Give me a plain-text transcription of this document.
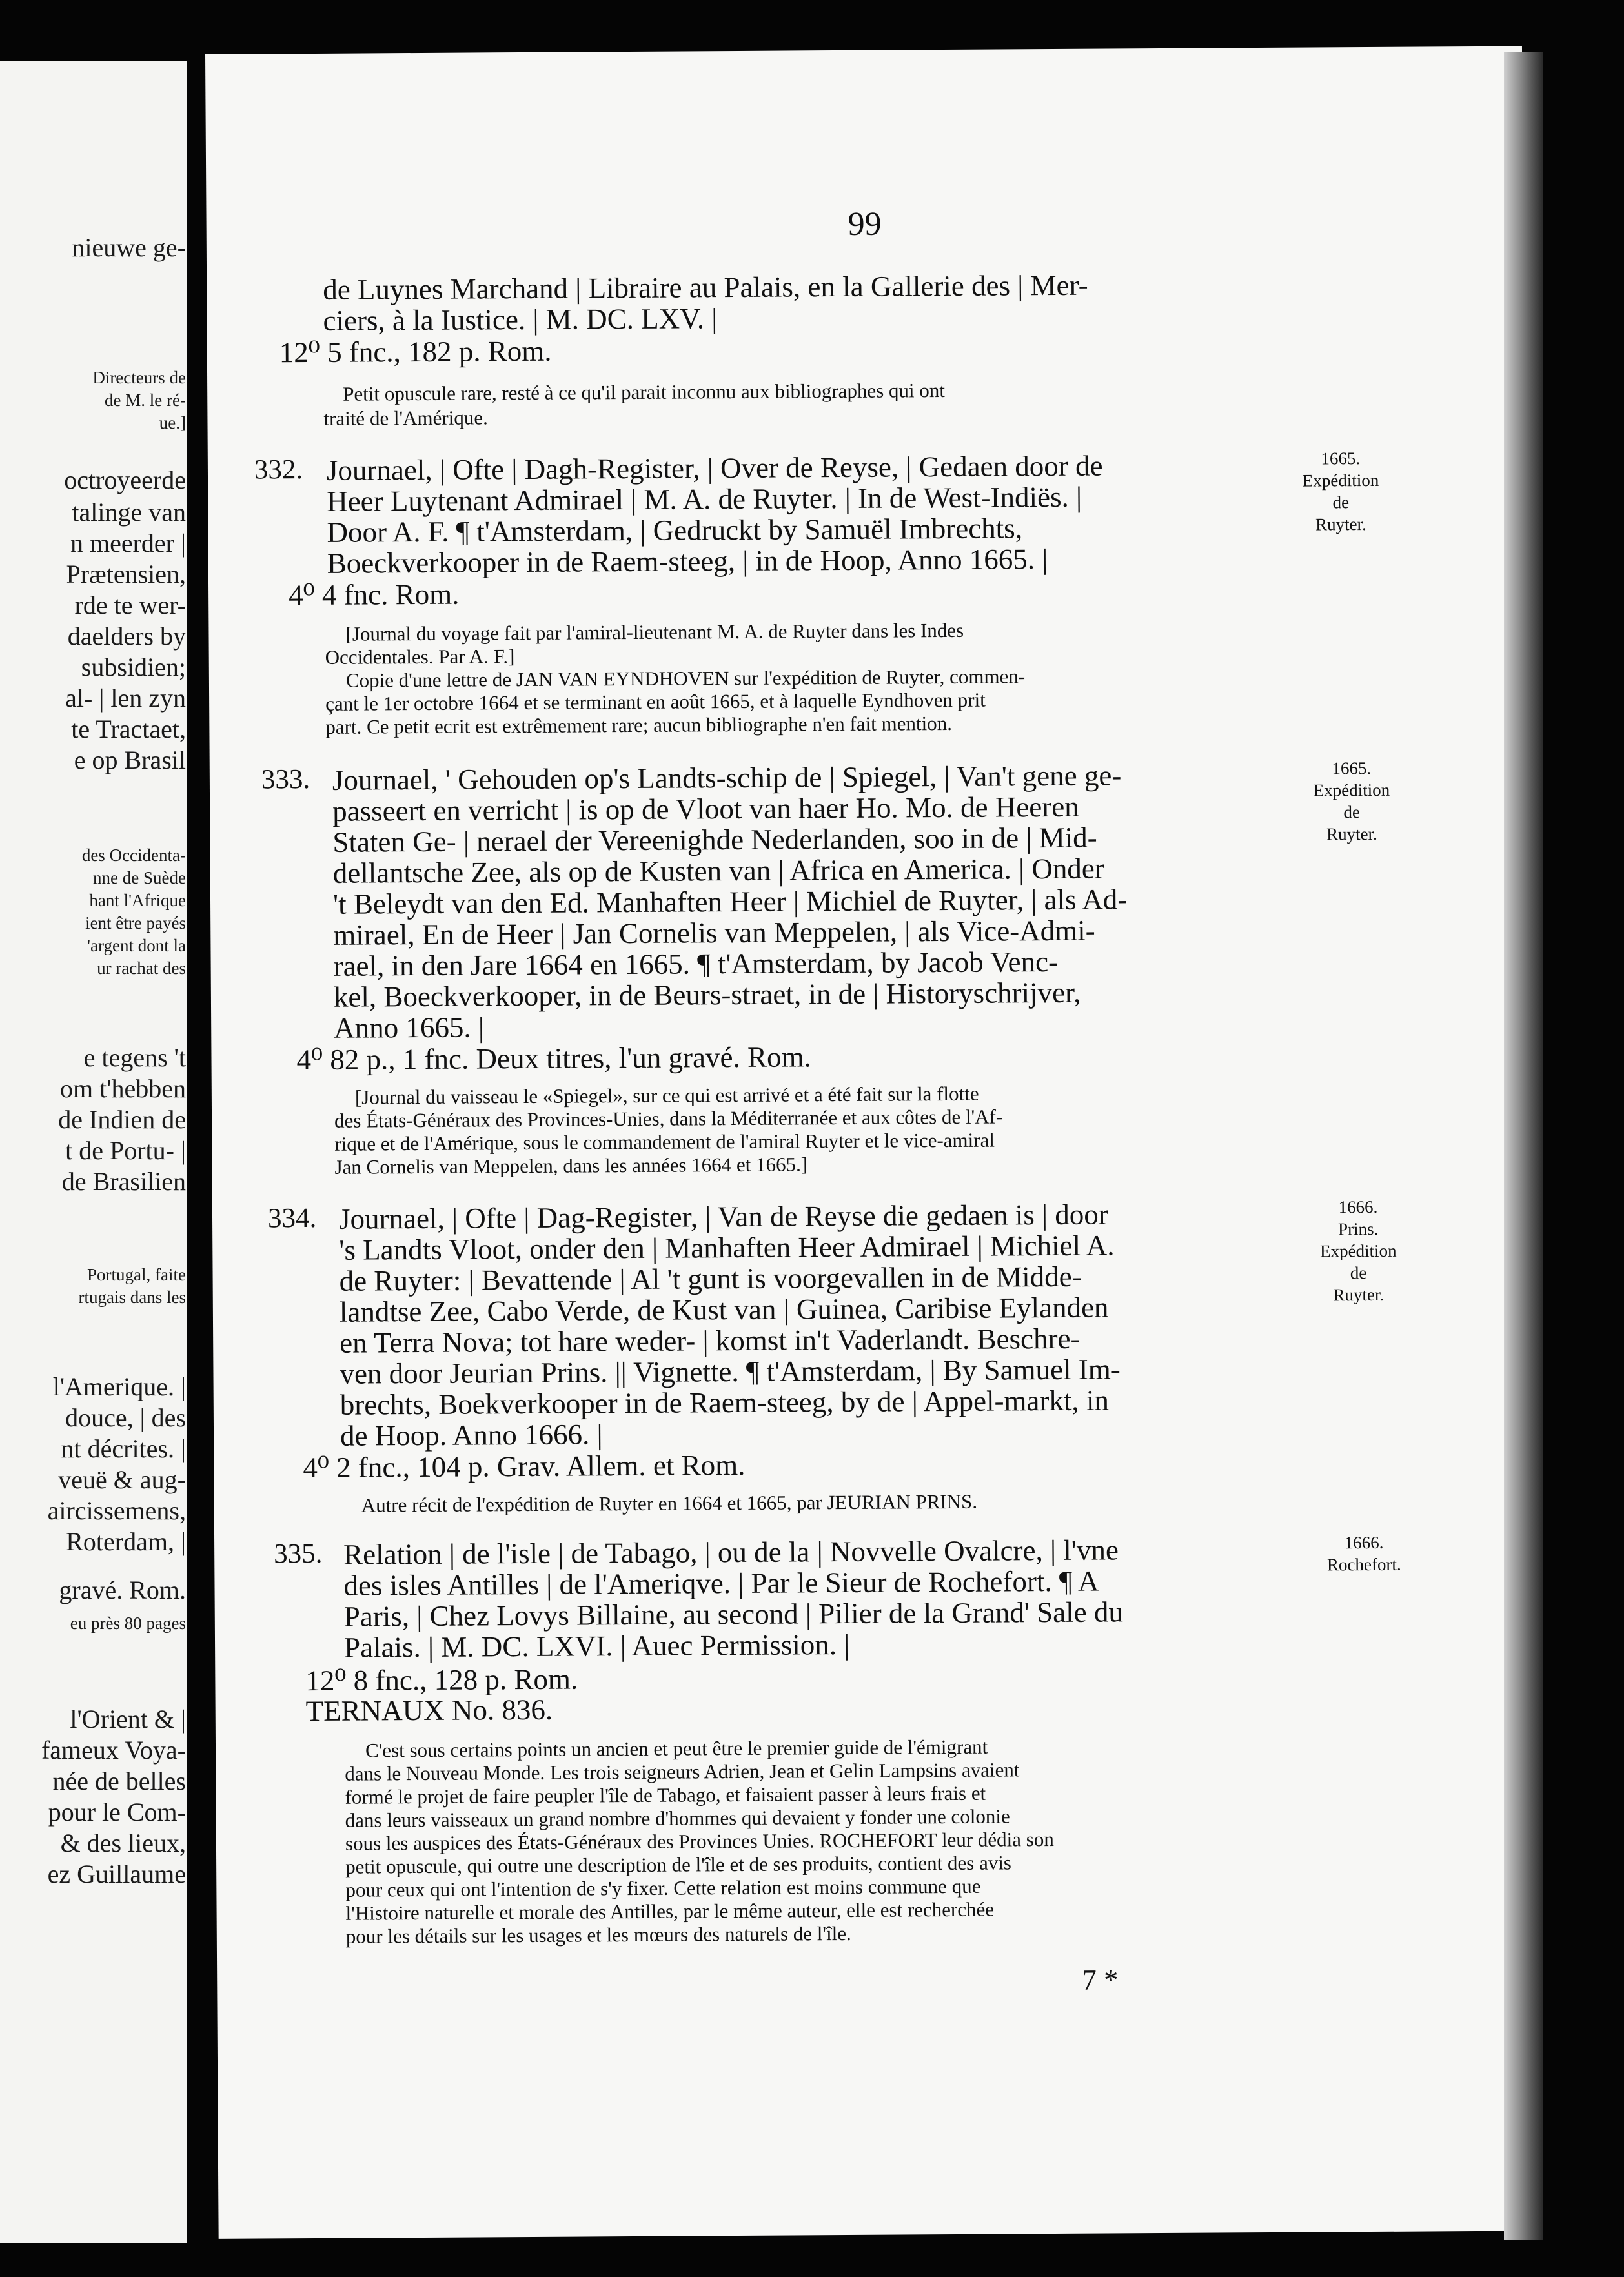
nieuwe ge-
Directeurs de
de M. le ré-
ue.]
octroyeerde
talinge van
n meerder |
Prætensien,
rde te wer-
daelders by
subsidien;
al- | len zyn
te Tractaet,
e op Brasil
des Occidenta-
nne de Suède
hant l'Afrique
ient être payés
'argent dont la
ur rachat des
e tegens 't
om t'hebben
de Indien de
t de Portu- |
de Brasilien
Portugal, faite
rtugais dans les
l'Amerique. |
douce, | des
nt décrites. |
veuë & aug-
aircissemens,
Roterdam, |
gravé. Rom.
eu près 80 pages
l'Orient & |
fameux Voya-
née de belles
pour le Com-
& des lieux,
ez Guillaume
99
de Luynes Marchand | Libraire au Palais, en la Gallerie des | Mer-
ciers, à la Iustice. | M. DC. LXV. |
12⁰ 5 fnc., 182 p. Rom.
Petit opuscule rare, resté à ce qu'il parait inconnu aux bibliographes qui ont
traité de l'Amérique.
Journael, | Ofte | Dagh-Register, | Over de Reyse, | Gedaen door de
Heer Luytenant Admirael | M. A. de Ruyter. | In de West-Indiës. |
Door A. F. ¶ t'Amsterdam, | Gedruckt by Samuël Imbrechts,
Boeckverkooper in de Raem-steeg, | in de Hoop, Anno 1665. |
4⁰ 4 fnc. Rom.
[Journal du voyage fait par l'amiral-lieutenant M. A. de Ruyter dans les Indes
Occidentales. Par A. F.]
Copie d'une lettre de JAN VAN EYNDHOVEN sur l'expédition de Ruyter, commen-
çant le 1er octobre 1664 et se terminant en août 1665, et à laquelle Eyndhoven prit
part. Ce petit ecrit est extrêmement rare; aucun bibliographe n'en fait mention.
Journael, ' Gehouden op's Landts-schip de | Spiegel, | Van't gene ge-
passeert en verricht | is op de Vloot van haer Ho. Mo. de Heeren
Staten Ge- | nerael der Vereenighde Nederlanden, soo in de | Mid-
dellantsche Zee, als op de Kusten van | Africa en America. | Onder
't Beleydt van den Ed. Manhaften Heer | Michiel de Ruyter, | als Ad-
mirael, En de Heer | Jan Cornelis van Meppelen, | als Vice-Admi-
rael, in den Jare 1664 en 1665. ¶ t'Amsterdam, by Jacob Venc-
kel, Boeckverkooper, in de Beurs-straet, in de | Historyschrijver,
Anno 1665. |
4⁰ 82 p., 1 fnc. Deux titres, l'un gravé. Rom.
[Journal du vaisseau le «Spiegel», sur ce qui est arrivé et a été fait sur la flotte
des États-Généraux des Provinces-Unies, dans la Méditerranée et aux côtes de l'Af-
rique et de l'Amérique, sous le commandement de l'amiral Ruyter et le vice-amiral
Jan Cornelis van Meppelen, dans les années 1664 et 1665.]
Journael, | Ofte | Dag-Register, | Van de Reyse die gedaen is | door
's Landts Vloot, onder den | Manhaften Heer Admirael | Michiel A.
de Ruyter: | Bevattende | Al 't gunt is voorgevallen in de Midde-
landtse Zee, Cabo Verde, de Kust van | Guinea, Caribise Eylanden
en Terra Nova; tot hare weder- | komst in't Vaderlandt. Beschre-
ven door Jeurian Prins. || Vignette. ¶ t'Amsterdam, | By Samuel Im-
brechts, Boekverkooper in de Raem-steeg, by de | Appel-markt, in
de Hoop. Anno 1666. |
4⁰ 2 fnc., 104 p. Grav. Allem. et Rom.
Autre récit de l'expédition de Ruyter en 1664 et 1665, par JEURIAN PRINS.
Relation | de l'isle | de Tabago, | ou de la | Novvelle Ovalcre, | l'vne
des isles Antilles | de l'Ameriqve. | Par le Sieur de Rochefort. ¶ A
Paris, | Chez Lovys Billaine, au second | Pilier de la Grand' Sale du
Palais. | M. DC. LXVI. | Auec Permission. |
12⁰ 8 fnc., 128 p. Rom.
TERNAUX No. 836.
C'est sous certains points un ancien et peut être le premier guide de l'émigrant
dans le Nouveau Monde. Les trois seigneurs Adrien, Jean et Gelin Lampsins avaient
formé le projet de faire peupler l'île de Tabago, et faisaient passer à leurs frais et
dans leurs vaisseaux un grand nombre d'hommes qui devaient y fonder une colonie
sous les auspices des États-Généraux des Provinces Unies. ROCHEFORT leur dédia son
petit opuscule, qui outre une description de l'île et de ses produits, contient des avis
pour ceux qui ont l'intention de s'y fixer. Cette relation est moins commune que
l'Histoire naturelle et morale des Antilles, par le même auteur, elle est recherchée
pour les détails sur les usages et les mœurs des naturels de l'île.
7 *
332.
333.
334.
335.
1665.
Expédition
de
Ruyter.
1665.
Expédition
de
Ruyter.
1666.
Prins.
Expédition
de
Ruyter.
1666.
Rochefort.
